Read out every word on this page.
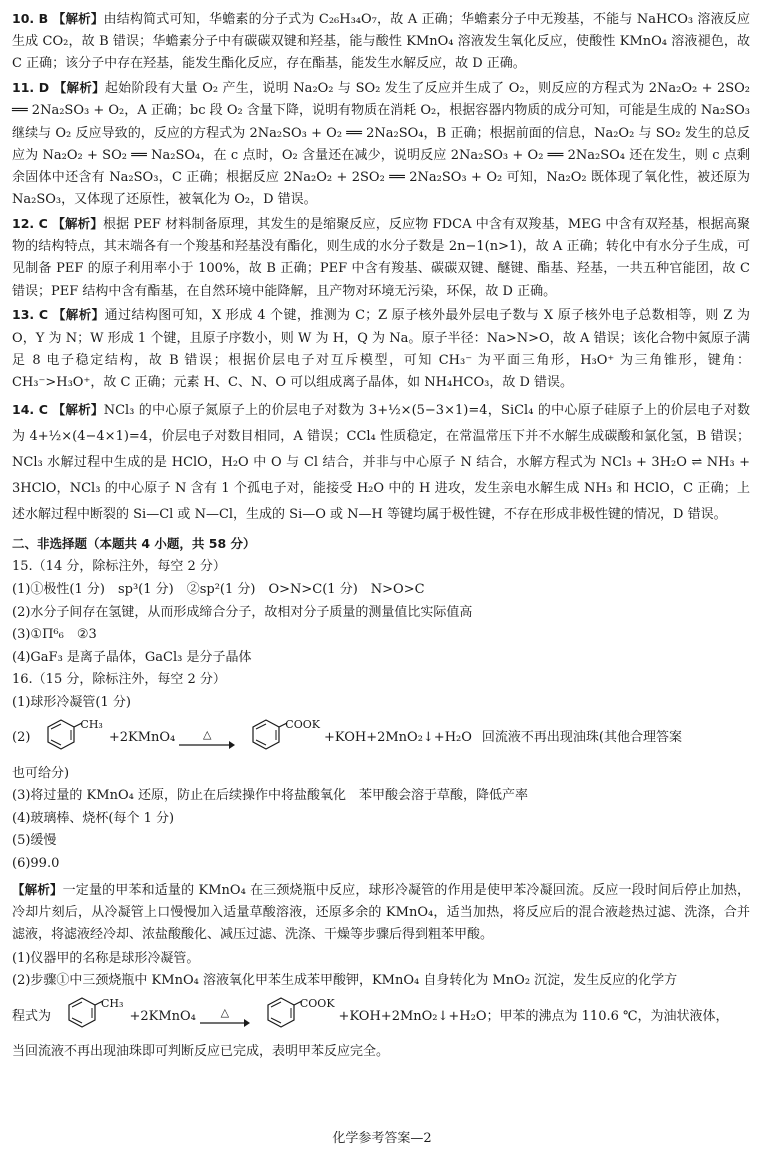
10. B 【解析】由结构简式可知，华蟾素的分子式为 C₂₆H₃₄O₇，故 A 正确；华蟾素分子中无羧基，不能与 NaHCO₃ 溶液反应生成 CO₂，故 B 错误；华蟾素分子中有碳碳双键和羟基，能与酸性 KMnO₄ 溶液发生氧化反应，使酸性 KMnO₄ 溶液褪色，故 C 正确；该分子中存在羟基，能发生酯化反应，存在酯基，能发生水解反应，故 D 正确。

11. D 【解析】起始阶段有大量 O₂ 产生，说明 Na₂O₂ 与 SO₂ 发生了反应并生成了 O₂，则反应的方程式为 2Na₂O₂ + 2SO₂ ══ 2Na₂SO₃ + O₂，A 正确；bc 段 O₂ 含量下降，说明有物质在消耗 O₂，根据容器内物质的成分可知，可能是生成的 Na₂SO₃ 继续与 O₂ 反应导致的，反应的方程式为 2Na₂SO₃ + O₂ ══ 2Na₂SO₄，B 正确；根据前面的信息，Na₂O₂ 与 SO₂ 发生的总反应为 Na₂O₂ + SO₂ ══ Na₂SO₄，在 c 点时，O₂ 含量还在减少，说明反应 2Na₂SO₃ + O₂ ══ 2Na₂SO₄ 还在发生，则 c 点剩余固体中还含有 Na₂SO₃，C 正确；根据反应 2Na₂O₂ + 2SO₂ ══ 2Na₂SO₃ + O₂ 可知，Na₂O₂ 既体现了氧化性，被还原为 Na₂SO₃，又体现了还原性，被氧化为 O₂，D 错误。

12. C 【解析】根据 PEF 材料制备原理，其发生的是缩聚反应，反应物 FDCA 中含有双羧基，MEG 中含有双羟基，根据高聚物的结构特点，其末端各有一个羧基和羟基没有酯化，则生成的水分子数是 2n−1(n>1)，故 A 正确；转化中有水分子生成，可见制备 PEF 的原子利用率小于 100%，故 B 正确；PEF 中含有羧基、碳碳双键、醚键、酯基、羟基，一共五种官能团，故 C 错误；PEF 结构中含有酯基，在自然环境中能降解，且产物对环境无污染，环保，故 D 正确。

13. C 【解析】通过结构图可知，X 形成 4 个键，推测为 C；Z 原子核外最外层电子数与 X 原子核外电子总数相等，则 Z 为 O，Y 为 N；W 形成 1 个键，且原子序数小，则 W 为 H，Q 为 Na。原子半径：Na>N>O，故 A 错误；该化合物中氮原子满足 8 电子稳定结构，故 B 错误；根据价层电子对互斥模型，可知 CH₃⁻ 为平面三角形，H₃O⁺ 为三角锥形，键角：CH₃⁻>H₃O⁺，故 C 正确；元素 H、C、N、O 可以组成离子晶体，如 NH₄HCO₃，故 D 错误。

14. C 【解析】NCl₃ 的中心原子氮原子上的价层电子对数为 3+½×(5−3×1)=4，SiCl₄ 的中心原子硅原子上的价层电子对数为 4+½×(4−4×1)=4，价层电子对数目相同，A 错误；CCl₄ 性质稳定，在常温常压下并不水解生成碳酸和氯化氢，B 错误；NCl₃ 水解过程中生成的是 HClO，H₂O 中 O 与 Cl 结合，并非与中心原子 N 结合，水解方程式为 NCl₃ + 3H₂O ⇌ NH₃ + 3HClO，NCl₃ 的中心原子 N 含有 1 个孤电子对，能接受 H₂O 中的 H 进攻，发生亲电水解生成 NH₃ 和 HClO，C 正确；上述水解过程中断裂的 Si—Cl 或 N—Cl，生成的 Si—O 或 N—H 等键均属于极性键，不存在形成非极性键的情况，D 错误。

二、非选择题（本题共 4 小题，共 58 分）

15.（14 分，除标注外，每空 2 分）

(1)①极性(1 分)　sp³(1 分)　②sp²(1 分)　O>N>C(1 分)　N>O>C

(2)水分子间存在氢键，从而形成缔合分子，故相对分子质量的测量值比实际值高

(3)①Π⁶₆　②3

(4)GaF₃ 是离子晶体，GaCl₃ 是分子晶体

16.（15 分，除标注外，每空 2 分）

(1)球形冷凝管(1 分)

(2)
CH₃
+2KMnO₄	△
COOK
+KOH+2MnO₂↓+H₂O 回流液不再出现油珠(其他合理答案

也可给分)

(3)将过量的 KMnO₄ 还原，防止在后续操作中将盐酸氧化　苯甲酸会溶于草酸，降低产率

(4)玻璃棒、烧杯(每个 1 分)

(5)缓慢

(6)99.0

【解析】一定量的甲苯和适量的 KMnO₄ 在三颈烧瓶中反应，球形冷凝管的作用是使甲苯冷凝回流。反应一段时间后停止加热，冷却片刻后，从冷凝管上口慢慢加入适量草酸溶液，还原多余的 KMnO₄，适当加热，将反应后的混合液趁热过滤、洗涤，合并滤液，将滤液经冷却、浓盐酸酸化、减压过滤、洗涤、干燥等步骤后得到粗苯甲酸。

(1)仪器甲的名称是球形冷凝管。

(2)步骤①中三颈烧瓶中 KMnO₄ 溶液氧化甲苯生成苯甲酸钾，KMnO₄ 自身转化为 MnO₂ 沉淀，发生反应的化学方

程式为
CH₃
+2KMnO₄ △
COOK
+KOH+2MnO₂↓+H₂O ；甲苯的沸点为 110.6 ℃，为油状液体，

当回流液不再出现油珠即可判断反应已完成，表明甲苯反应完全。

化学参考答案—2
